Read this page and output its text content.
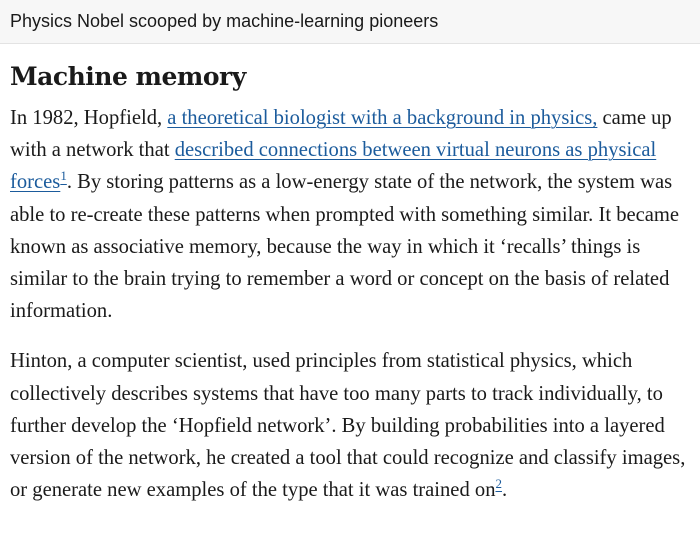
Physics Nobel scooped by machine-learning pioneers
Machine memory

In 1982, Hopfield, a theoretical biologist with a background in physics, came up with a network that described connections between virtual neurons as physical forces$^1$. By storing patterns as a low-energy state of the network, the system was able to re-create these patterns when prompted with something similar. It became known as associative memory, because the way in which it ‘recalls’ things is similar to the brain trying to remember a word or concept on the basis of related information.

Hinton, a computer scientist, used principles from statistical physics, which collectively describes systems that have too many parts to track individually, to further develop the ‘Hopfield network’. By building probabilities into a layered version of the network, he created a tool that could recognize and classify images, or generate new examples of the type that it was trained on$^2$.
